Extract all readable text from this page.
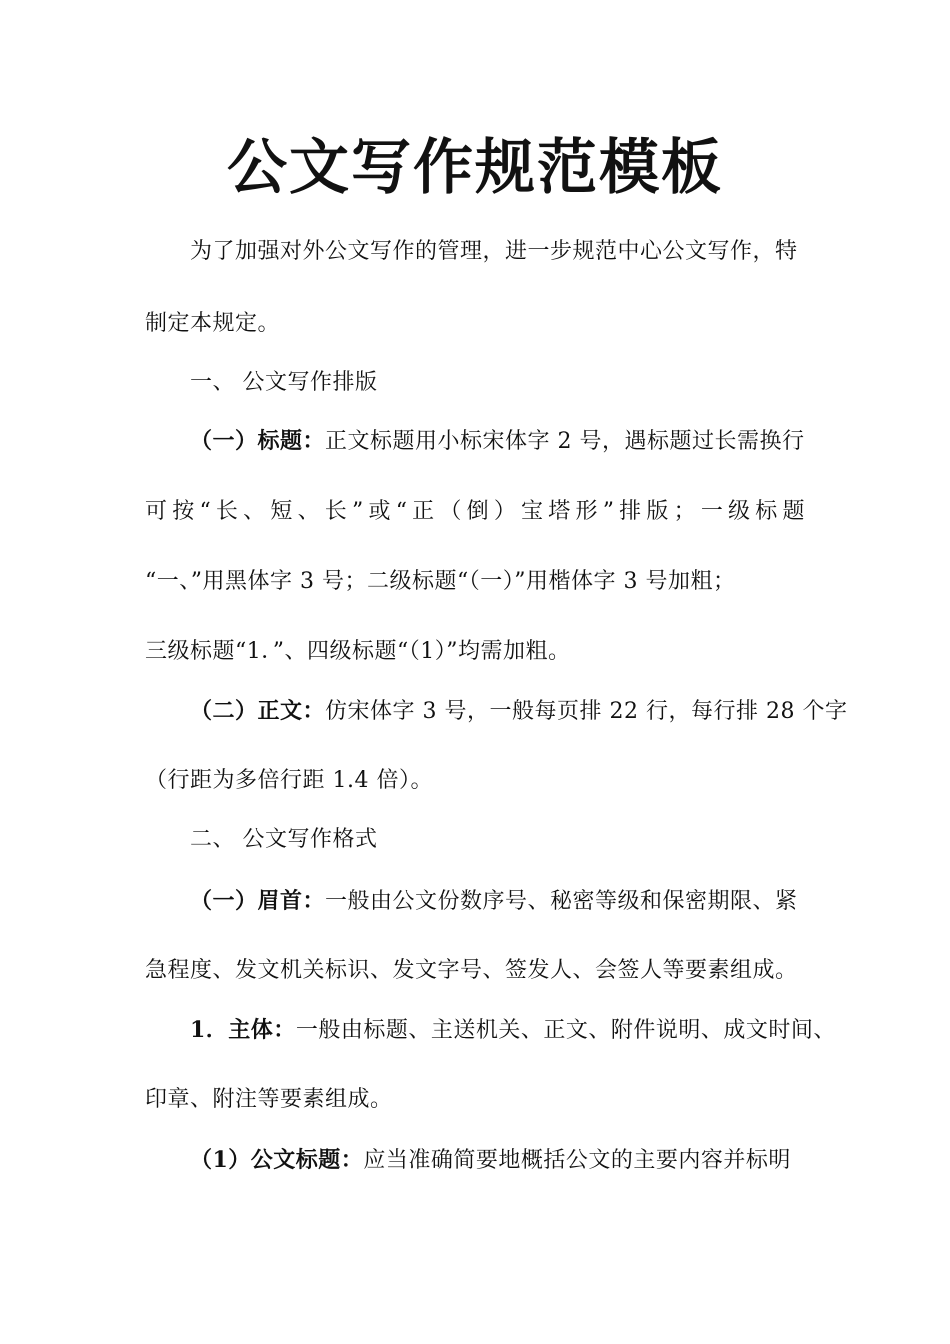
公文写作规范模板
为了加强对外公文写作的管理，进一步规范中心公文写作，特
制定本规定。
一、 公文写作排版
（一）标题：正文标题用小标宋体字 2 号，遇标题过长需换行
可按“长、短、长”或“正（倒）宝塔形”排版；一级标题
“一、”用黑体字 3 号；二级标题“（一）”用楷体字 3 号加粗；
三级标题“1．”、四级标题“（1）”均需加粗。
（二）正文：仿宋体字 3 号，一般每页排 22 行，每行排 28 个字
（行距为多倍行距 1.4 倍）。
二、 公文写作格式
（一）眉首：一般由公文份数序号、秘密等级和保密期限、紧
急程度、发文机关标识、发文字号、签发人、会签人等要素组成。
1．主体：一般由标题、主送机关、正文、附件说明、成文时间、
印章、附注等要素组成。
（1）公文标题：应当准确简要地概括公文的主要内容并标明
